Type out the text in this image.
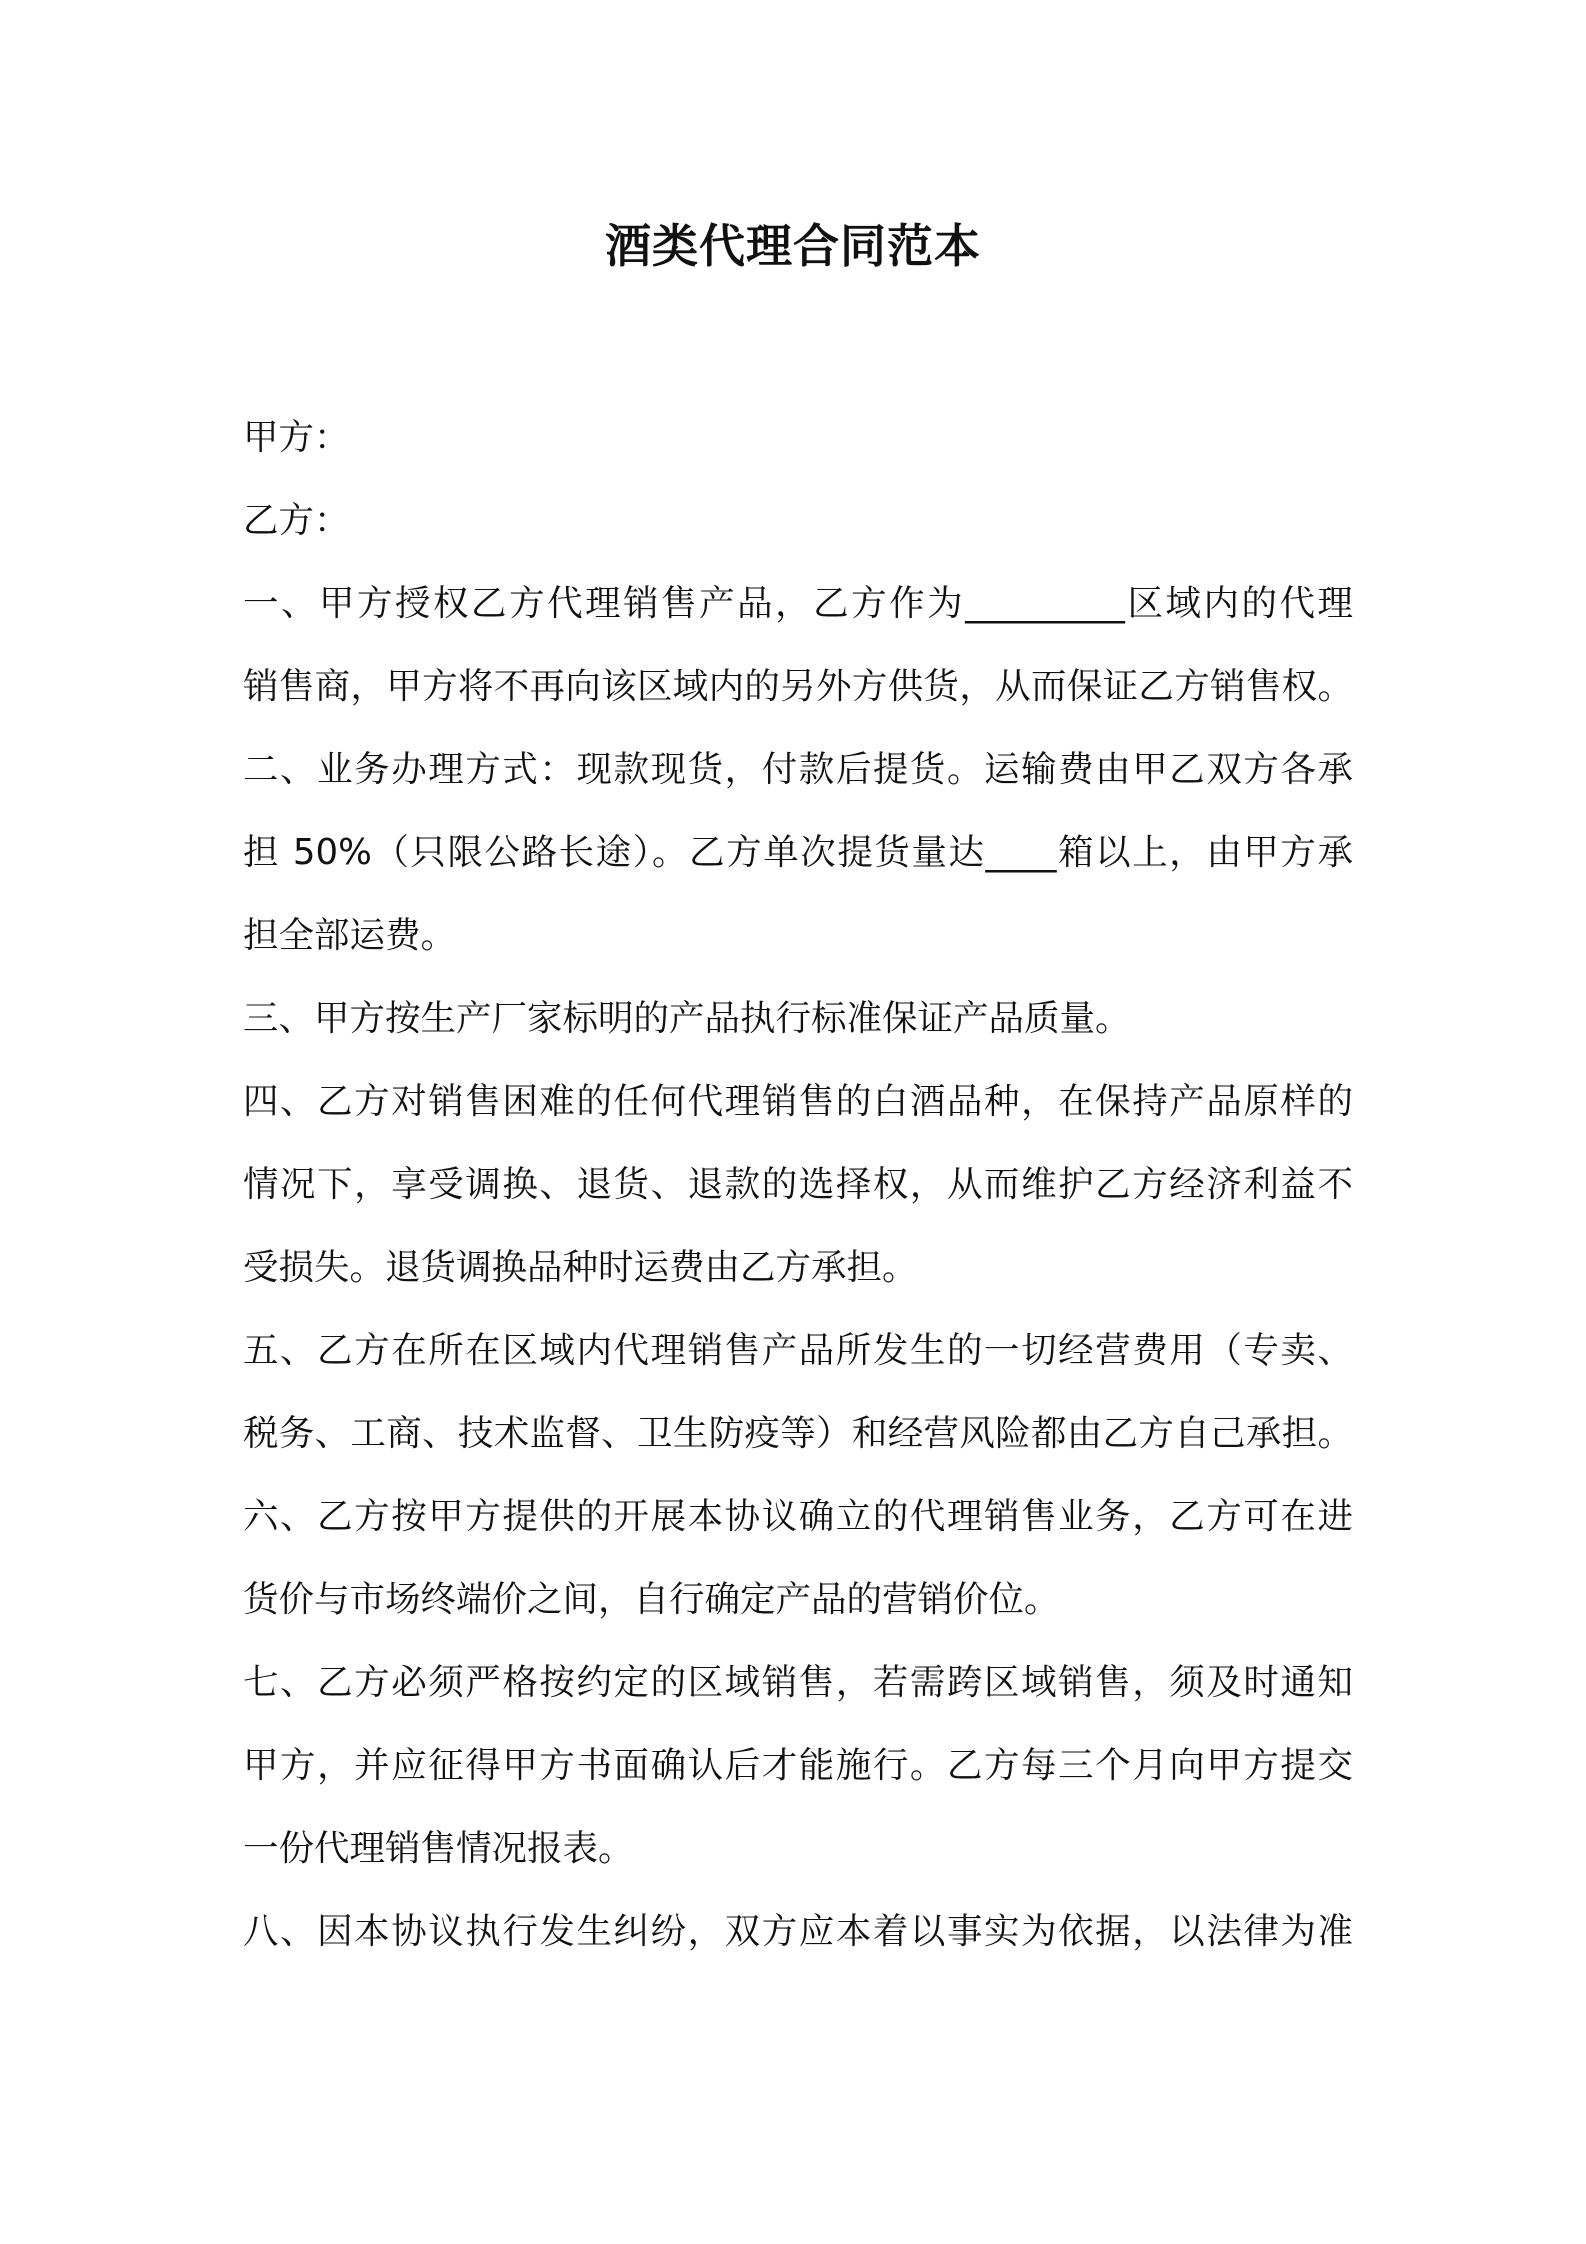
酒类代理合同范本
甲方：
乙方：
一、甲方授权乙方代理销售产品，乙方作为_________区域内的代理
销售商，甲方将不再向该区域内的另外方供货，从而保证乙方销售权。
二、业务办理方式：现款现货，付款后提货。运输费由甲乙双方各承
担 50%（只限公路长途）。乙方单次提货量达____箱以上，由甲方承
担全部运费。
三、甲方按生产厂家标明的产品执行标准保证产品质量。
四、乙方对销售困难的任何代理销售的白酒品种，在保持产品原样的
情况下，享受调换、退货、退款的选择权，从而维护乙方经济利益不
受损失。退货调换品种时运费由乙方承担。
五、乙方在所在区域内代理销售产品所发生的一切经营费用（专卖、
税务、工商、技术监督、卫生防疫等）和经营风险都由乙方自己承担。
六、乙方按甲方提供的开展本协议确立的代理销售业务，乙方可在进
货价与市场终端价之间，自行确定产品的营销价位。
七、乙方必须严格按约定的区域销售，若需跨区域销售，须及时通知
甲方，并应征得甲方书面确认后才能施行。乙方每三个月向甲方提交
一份代理销售情况报表。
八、因本协议执行发生纠纷，双方应本着以事实为依据，以法律为准
